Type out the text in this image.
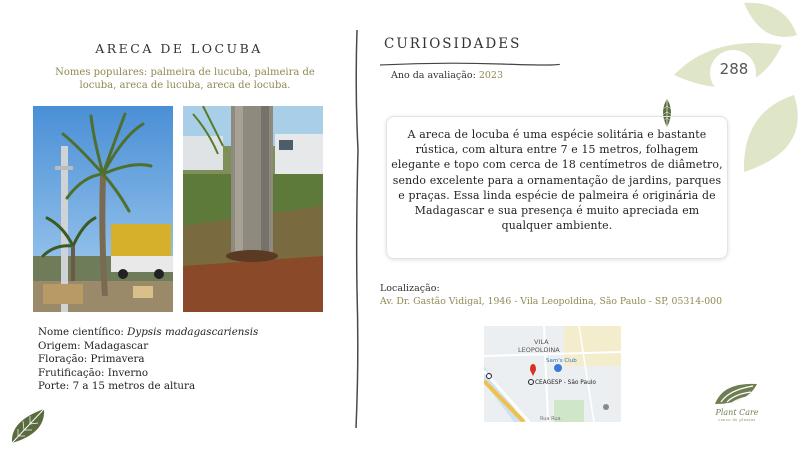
ARECA DE LOCUBA
Nomes populares: palmeira de lucuba, palmeira de locuba, areca de lucuba, areca de locuba.
Nome científico: Dypsis madagascariensis
Origem: Madagascar
Floração: Primavera
Frutificação: Inverno
Porte: 7 a 15 metros de altura
CURIOSIDADES
Ano da avaliação: 2023
A areca de locuba é uma espécie solitária e bastante rústica, com altura entre 7 e 15 metros, folhagem elegante e topo com cerca de 18 centímetros de diâmetro, sendo excelente para a ornamentação de jardins, parques e praças. Essa linda espécie de palmeira é originária de Madagascar e sua presença é muito apreciada em qualquer ambiente.
Localização:
Av. Dr. Gastão Vidigal, 1946 - Vila Leopoldina, São Paulo - SP, 05314-000
VILA
LEOPOLDINA
Sam's Club
CEAGESP - São Paulo
Rua Rua
288
Plant Care
censo de plantas
